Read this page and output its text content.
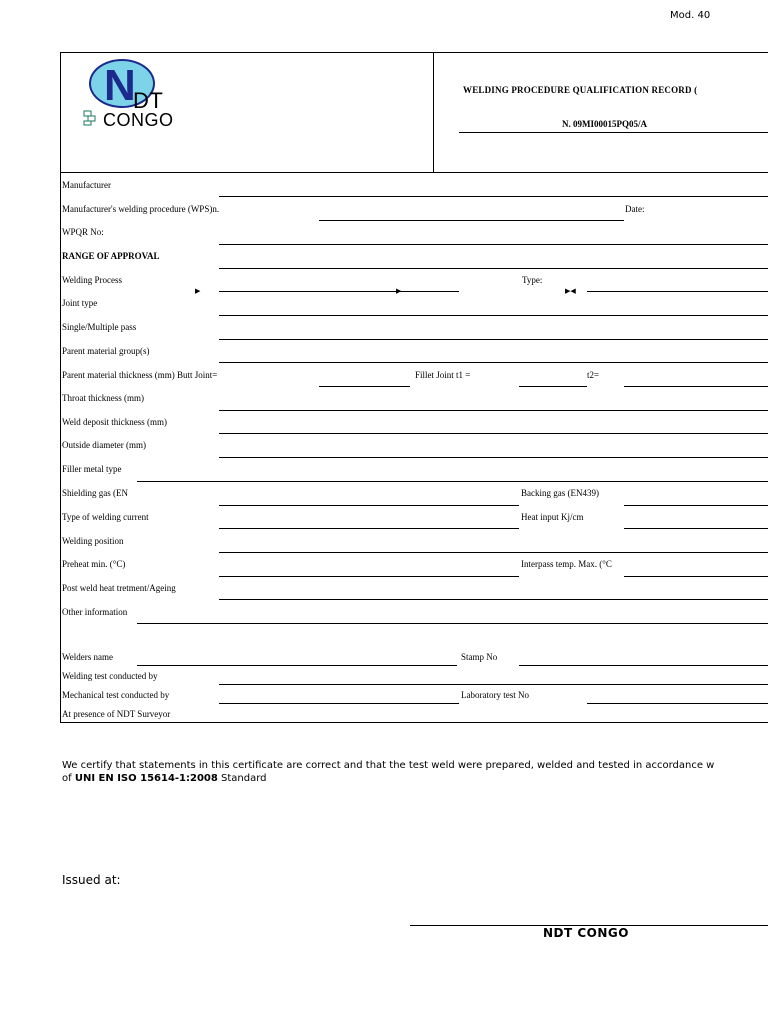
Mod. 40
N
DT
CONGO
WELDING PROCEDURE QUALIFICATION RECORD (
N. 09MI00015PQ05/A
Manufacturer
Manufacturer's welding procedure (WPS)n.	Date:
WPQR No:
RANGE OF APPROVAL
Welding Process	Type:
▶	▶	▶◀
Joint type
Single/Multiple pass
Parent material group(s)
Parent material thickness (mm) Butt Joint=	Fillet Joint t1 =	t2=
Throat thickness (mm)
Weld deposit thickness (mm)
Outside diameter (mm)
Filler metal type
Shielding gas (EN	Backing gas (EN439)
Type of welding current	Heat input Kj/cm
Welding position
Preheat min. (°C)	Interpass temp. Max. (°C
Post weld heat tretment/Ageing
Other information
Welders name	Stamp No
Welding test conducted by
Mechanical test conducted by	Laboratory test No
At presence of NDT Surveyor
We certify that statements in this certificate are correct and that the test weld were prepared, welded and tested in accordance w
of UNI EN ISO 15614-1:2008 Standard
Issued at:
NDT CONGO
